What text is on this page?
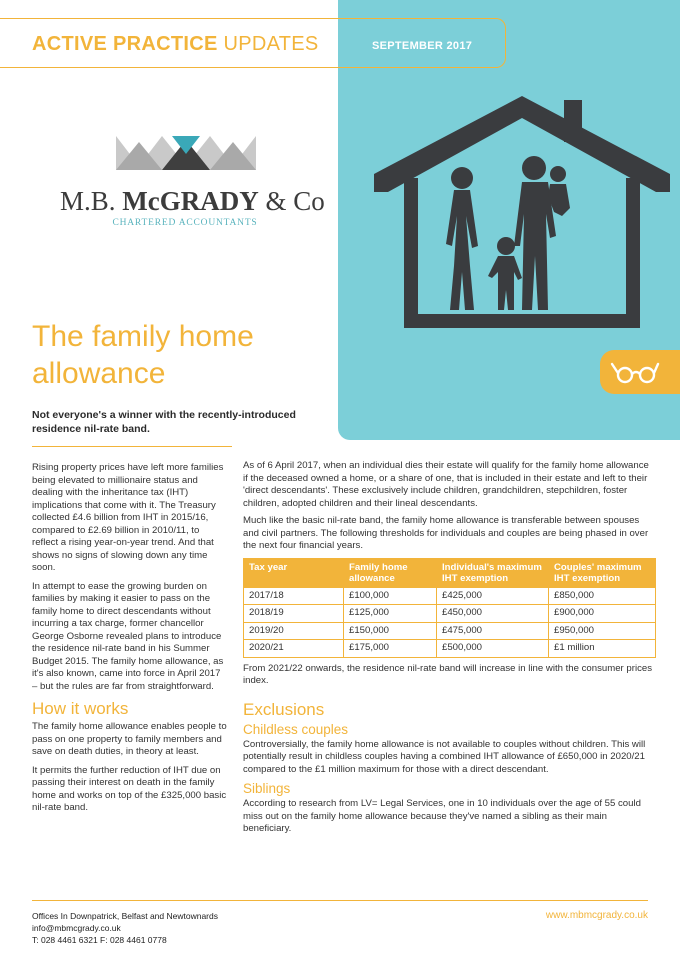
ACTIVE PRACTICE UPDATES	SEPTEMBER 2017
M.B. McGRADY & Co
CHARTERED ACCOUNTANTS
The family home allowance
Not everyone's a winner with the recently-introduced residence nil-rate band.

Rising property prices have left more families being elevated to millionaire status and dealing with the inheritance tax (IHT) implications that come with it. The Treasury collected £4.6 billion from IHT in 2015/16, compared to £2.69 billion in 2010/11, to reflect a rising year-on-year trend. And that shows no signs of slowing down any time soon.

In attempt to ease the growing burden on families by making it easier to pass on the family home to direct descendants without incurring a tax charge, former chancellor George Osborne revealed plans to introduce the residence nil-rate band in his Summer Budget 2015. The family home allowance, as it's also known, came into force in April 2017 – but the rules are far from straightforward.

How it works

The family home allowance enables people to pass on one property to family members and save on death duties, in theory at least.

It permits the further reduction of IHT due on passing their interest on death in the family home and works on top of the £325,000 basic nil-rate band.

As of 6 April 2017, when an individual dies their estate will qualify for the family home allowance if the deceased owned a home, or a share of one, that is included in their estate and left to their 'direct descendants'. These exclusively include children, grandchildren, stepchildren, foster children, adopted children and their lineal descendants.

Much like the basic nil-rate band, the family home allowance is transferable between spouses and civil partners. The following thresholds for individuals and couples are being phased in over the next four financial years.

Tax year	Family home allowance	Individual's maximum IHT exemption	Couples' maximum IHT exemption
2017/18	£100,000	£425,000	£850,000
2018/19	£125,000	£450,000	£900,000
2019/20	£150,000	£475,000	£950,000
2020/21	£175,000	£500,000	£1 million

From 2021/22 onwards, the residence nil-rate band will increase in line with the consumer prices index.

Exclusions
Childless couples

Controversially, the family home allowance is not available to couples without children. This will potentially result in childless couples having a combined IHT allowance of £650,000 in 2020/21 compared to the £1 million maximum for those with a direct descendant.

Siblings

According to research from LV= Legal Services, one in 10 individuals over the age of 55 could miss out on the family home allowance because they've named a sibling as their main beneficiary.

Offices In Downpatrick, Belfast and Newtownards
info@mbmcgrady.co.uk
T: 028 4461 6321 F: 028 4461 0778
www.mbmcgrady.co.uk
